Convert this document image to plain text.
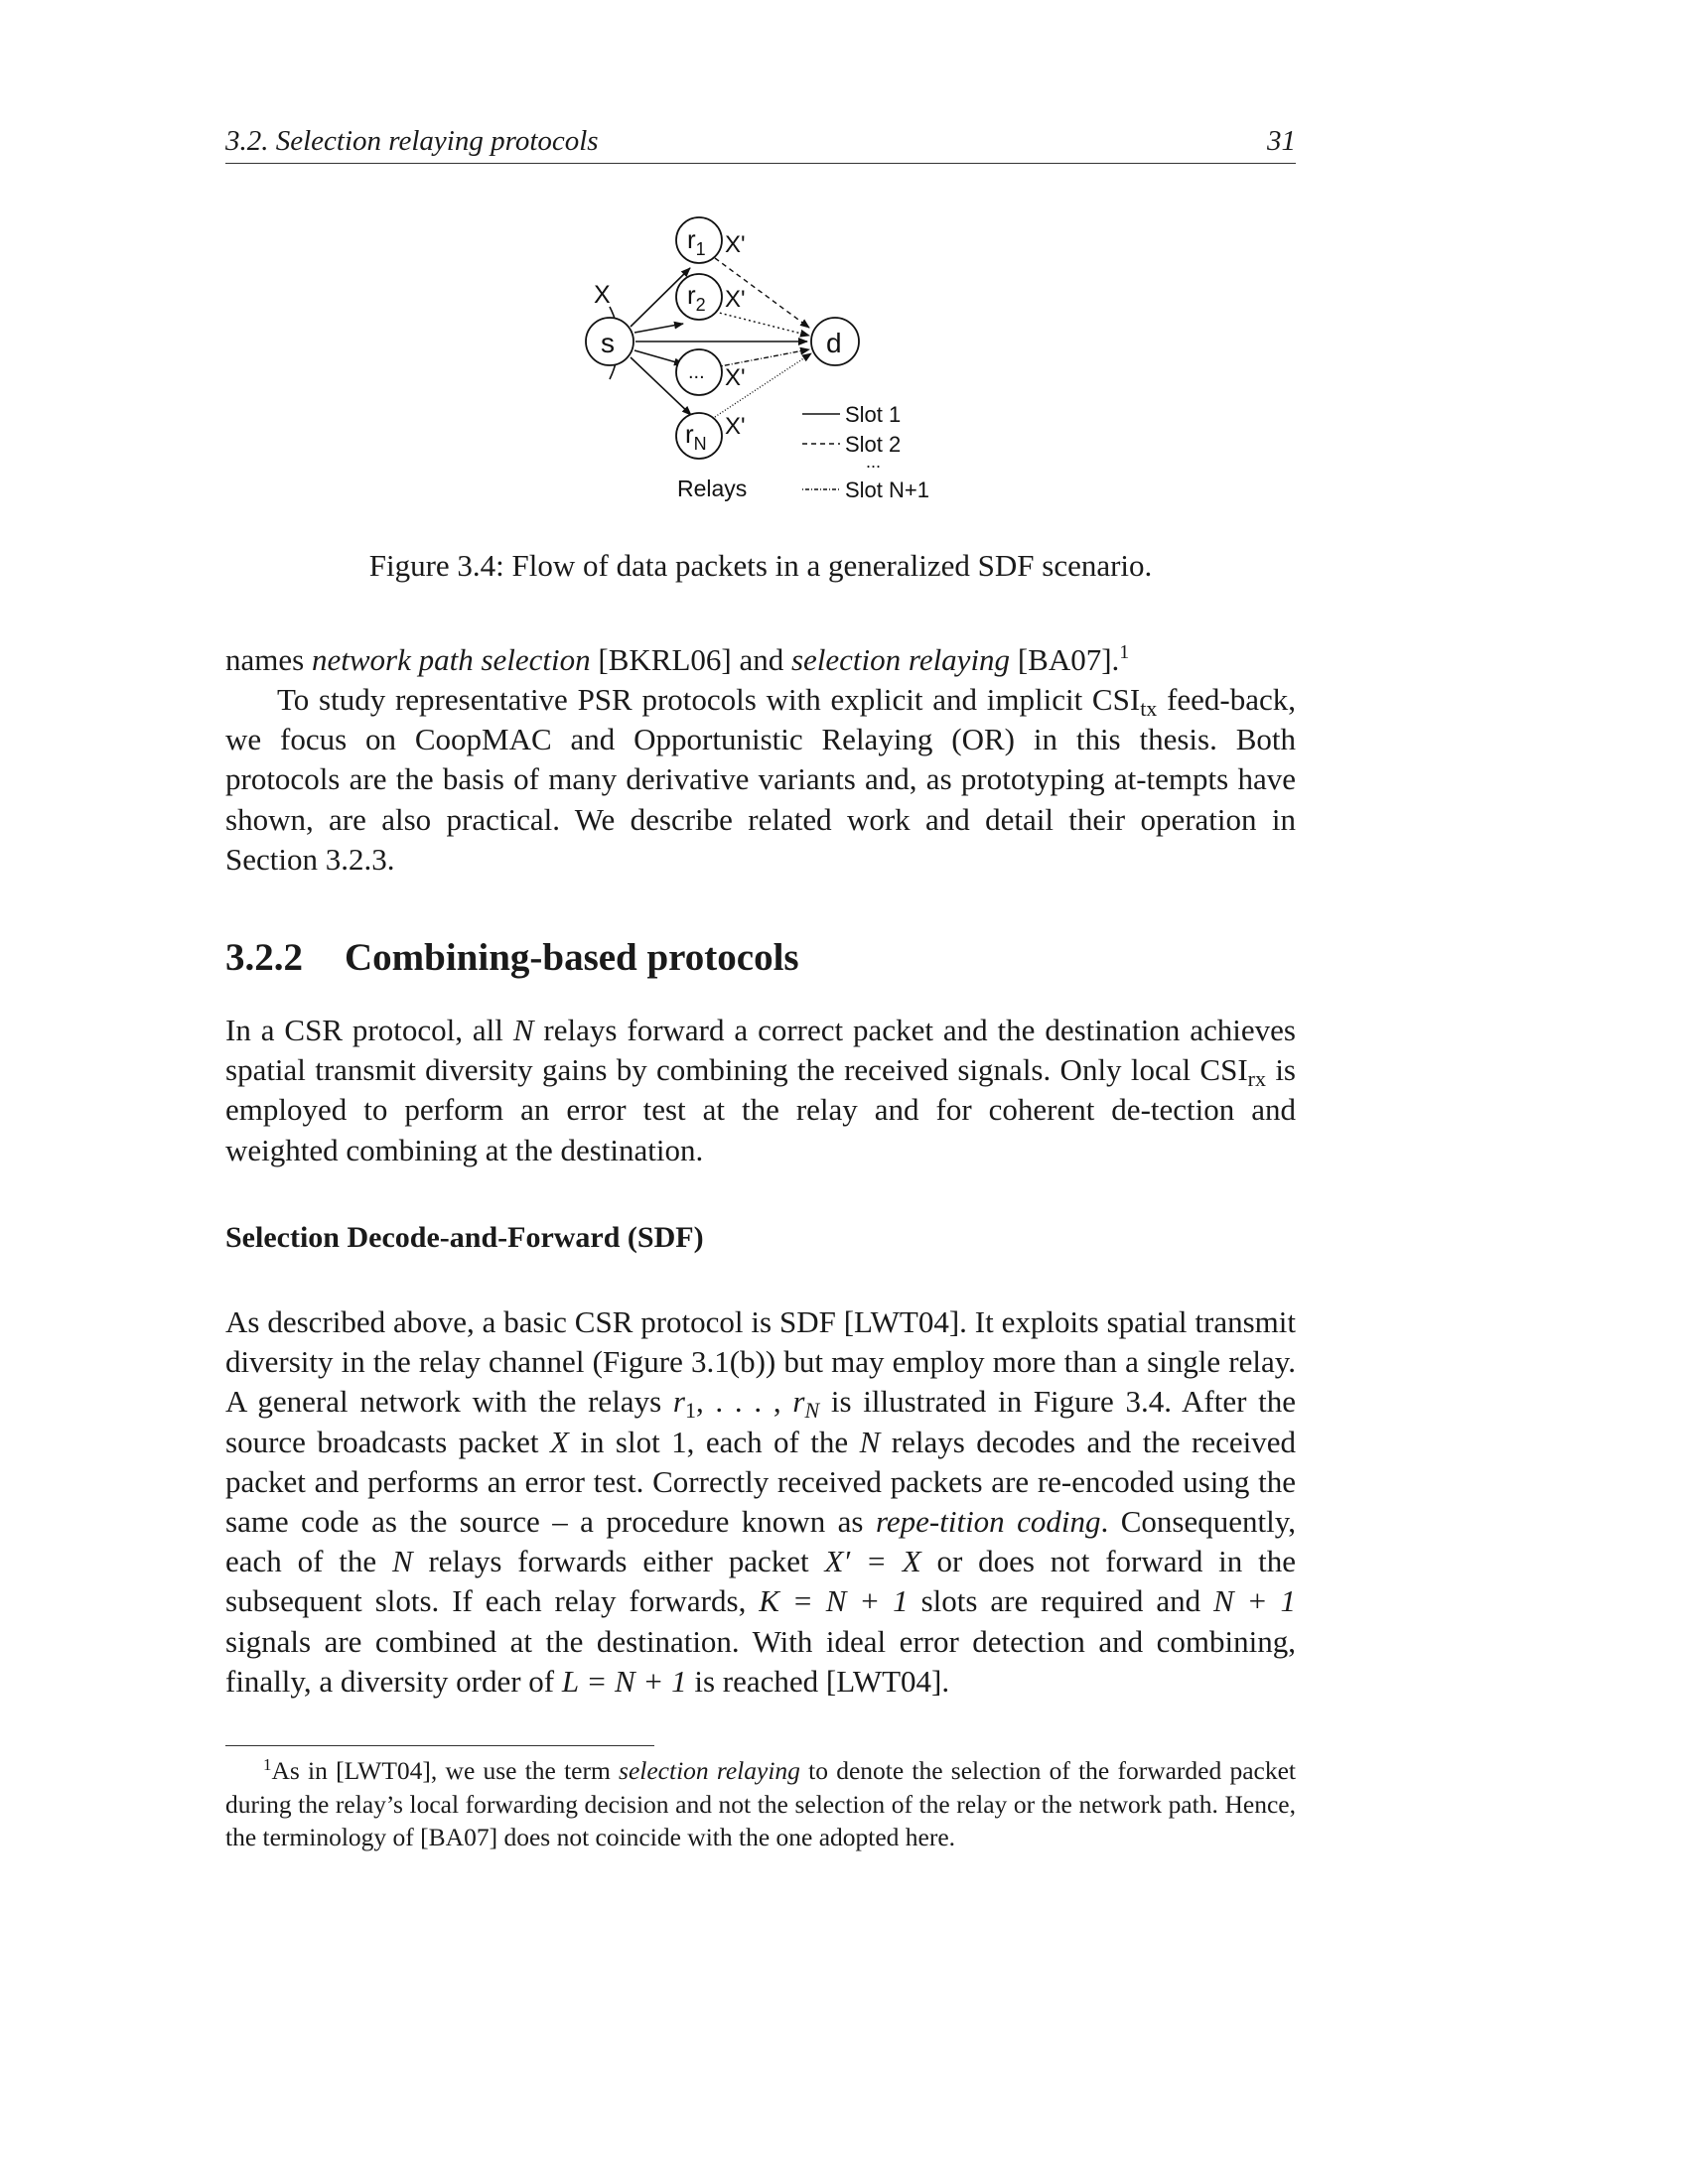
3.2. Selection relaying protocols	31
s	d
$r_1$
$r_2$
...
$r_N$
X
X'
X'
X'
X'
Relays
Slot 1
Slot 2
...
Slot N+1
Figure 3.4: Flow of data packets in a generalized SDF scenario.

names network path selection [BKRL06] and selection relaying [BA07].$^1$

To study representative PSR protocols with explicit and implicit $CSI_{tx}$ feed-back, we focus on CoopMAC and Opportunistic Relaying (OR) in this thesis. Both protocols are the basis of many derivative variants and, as prototyping at-tempts have shown, are also practical. We describe related work and detail their operation in Section 3.2.3.

3.2.2 Combining-based protocols

In a CSR protocol, all N relays forward a correct packet and the destination achieves spatial transmit diversity gains by combining the received signals. Only local $CSI_{rx}$ is employed to perform an error test at the relay and for coherent de-tection and weighted combining at the destination.

Selection Decode-and-Forward (SDF)

As described above, a basic CSR protocol is SDF [LWT04]. It exploits spatial transmit diversity in the relay channel (Figure 3.1(b)) but may employ more than a single relay. A general network with the relays $r_1$, . . . , $r_N$ is illustrated in Figure 3.4. After the source broadcasts packet X in slot 1, each of the N relays decodes and the received packet and performs an error test. Correctly received packets are re-encoded using the same code as the source – a procedure known as repe-tition coding. Consequently, each of the N relays forwards either packet X′ = X or does not forward in the subsequent slots. If each relay forwards, K = N + 1 slots are required and N + 1 signals are combined at the destination. With ideal error detection and combining, finally, a diversity order of L = N + 1 is reached [LWT04].

$^1$As in [LWT04], we use the term selection relaying to denote the selection of the forwarded packet during the relay’s local forwarding decision and not the selection of the relay or the network path. Hence, the terminology of [BA07] does not coincide with the one adopted here.
